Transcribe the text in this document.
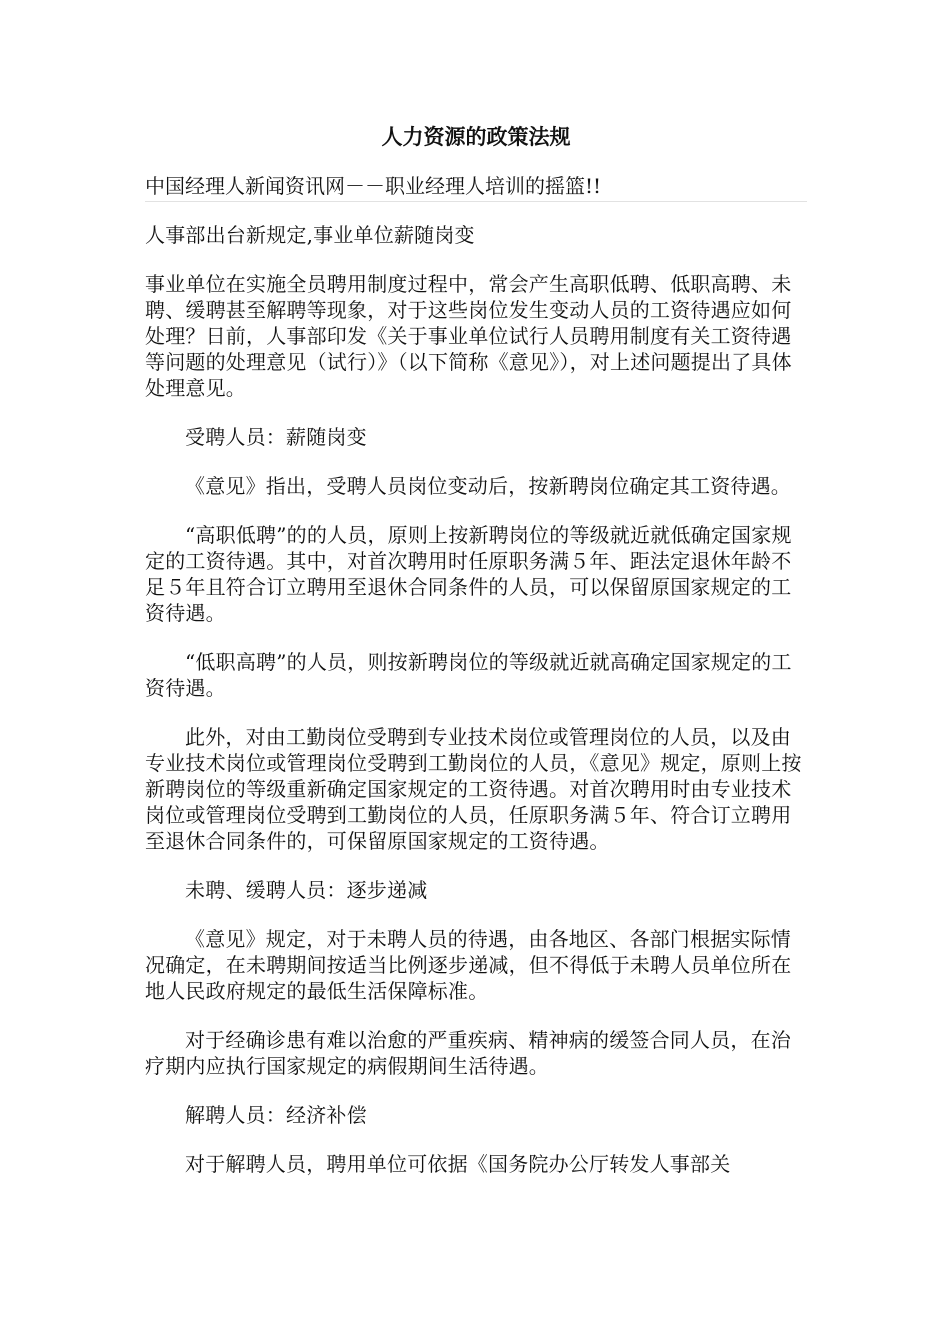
人力资源的政策法规
中国经理人新闻资讯网－－职业经理人培训的摇篮!!

人事部出台新规定,事业单位薪随岗变

事业单位在实施全员聘用制度过程中，常会产生高职低聘、低职高聘、未聘、缓聘甚至解聘等现象，对于这些岗位发生变动人员的工资待遇应如何处理？日前，人事部印发《关于事业单位试行人员聘用制度有关工资待遇等问题的处理意见（试行）》（以下简称《意见》），对上述问题提出了具体处理意见。

受聘人员：薪随岗变

《意见》指出，受聘人员岗位变动后，按新聘岗位确定其工资待遇。

“高职低聘”的的人员，原则上按新聘岗位的等级就近就低确定国家规定的工资待遇。其中，对首次聘用时任原职务满５年、距法定退休年龄不足５年且符合订立聘用至退休合同条件的人员，可以保留原国家规定的工资待遇。

“低职高聘”的人员，则按新聘岗位的等级就近就高确定国家规定的工资待遇。

此外，对由工勤岗位受聘到专业技术岗位或管理岗位的人员，以及由专业技术岗位或管理岗位受聘到工勤岗位的人员，《意见》规定，原则上按新聘岗位的等级重新确定国家规定的工资待遇。对首次聘用时由专业技术岗位或管理岗位受聘到工勤岗位的人员，任原职务满５年、符合订立聘用至退休合同条件的，可保留原国家规定的工资待遇。

未聘、缓聘人员：逐步递减

《意见》规定，对于未聘人员的待遇，由各地区、各部门根据实际情况确定，在未聘期间按适当比例逐步递减，但不得低于未聘人员单位所在地人民政府规定的最低生活保障标准。

对于经确诊患有难以治愈的严重疾病、精神病的缓签合同人员，在治疗期内应执行国家规定的病假期间生活待遇。

解聘人员：经济补偿

对于解聘人员，聘用单位可依据《国务院办公厅转发人事部关
